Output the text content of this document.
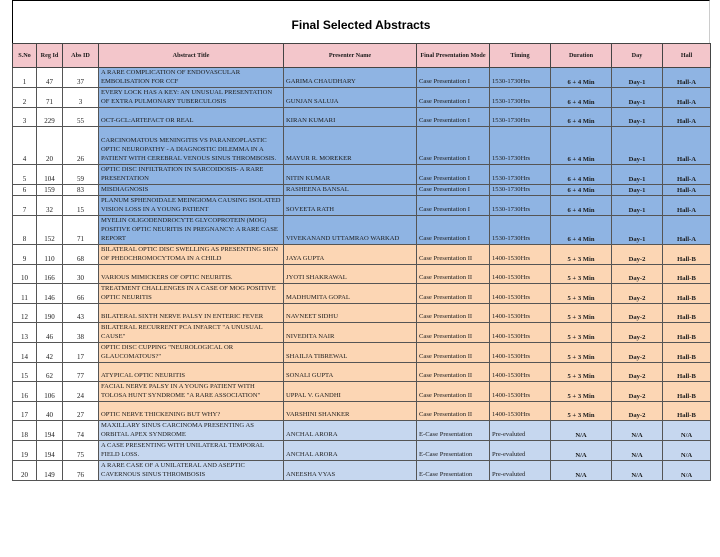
Final Selected Abstracts
S.No	Reg Id	Abs ID	Abstract Title	Presenter Name	Final Presentation Mode	Timing	Duration	Day	Hall
1	47	37	A RARE COMPLICATION OF ENDOVASCULAR EMBOLISATION FOR CCF	GARIMA CHAUDHARY	Case Presentation I	1530-1730Hrs	6 + 4 Min	Day-1	Hall-A
2	71	3	EVERY LOCK HAS A KEY: AN UNUSUAL PRESENTATION OF EXTRA PULMONARY TUBERCULOSIS	GUNJAN SALUJA	Case Presentation I	1530-1730Hrs	6 + 4 Min	Day-1	Hall-A
3	229	55	OCT-GCL:ARTEFACT OR REAL	KIRAN KUMARI	Case Presentation I	1530-1730Hrs	6 + 4 Min	Day-1	Hall-A
4	20	26	CARCINOMATOUS MENINGITIS VS PARANEOPLASTIC OPTIC NEUROPATHY - A DIAGNOSTIC DILEMMA IN A PATIENT WITH CEREBRAL VENOUS SINUS THROMBOSIS.	MAYUR R. MOREKER	Case Presentation I	1530-1730Hrs	6 + 4 Min	Day-1	Hall-A
5	104	59	OPTIC DISC INFILTRATION IN SARCOIDOSIS- A RARE PRESENTATION	NITIN KUMAR	Case Presentation I	1530-1730Hrs	6 + 4 Min	Day-1	Hall-A
6	159	83	MISDIAGNOSIS	RASHEENA BANSAL	Case Presentation I	1530-1730Hrs	6 + 4 Min	Day-1	Hall-A
7	32	15	PLANUM SPHENOIDALE MEINGIOMA CAUSING ISOLATED VISION LOSS IN A YOUNG PATIENT	SOVEETA RATH	Case Presentation I	1530-1730Hrs	6 + 4 Min	Day-1	Hall-A
8	152	71	MYELIN OLIGODENDROCYTE GLYCOPROTEIN (MOG) POSITIVE OPTIC NEURITIS IN PREGNANCY: A RARE CASE REPORT	VIVEKANAND UTTAMRAO WARKAD	Case Presentation I	1530-1730Hrs	6 + 4 Min	Day-1	Hall-A
9	110	68	BILATERAL OPTIC DISC SWELLING AS PRESENTING SIGN OF PHEOCHROMOCYTOMA IN A CHILD	JAYA GUPTA	Case Presentation II	1400-1530Hrs	5 + 3 Min	Day-2	Hall-B
10	166	30	VARIOUS MIMICKERS OF OPTIC NEURITIS.	JYOTI SHAKRAWAL	Case Presentation II	1400-1530Hrs	5 + 3 Min	Day-2	Hall-B
11	146	66	TREATMENT CHALLENGES IN A CASE OF MOG POSITIVE OPTIC NEURITIS	MADHUMITA GOPAL	Case Presentation II	1400-1530Hrs	5 + 3 Min	Day-2	Hall-B
12	190	43	BILATERAL SIXTH NERVE PALSY IN ENTERIC FEVER	NAVNEET SIDHU	Case Presentation II	1400-1530Hrs	5 + 3 Min	Day-2	Hall-B
13	46	38	BILATERAL RECURRENT PCA INFARCT "A UNUSUAL CAUSE"	NIVEDITA NAIR	Case Presentation II	1400-1530Hrs	5 + 3 Min	Day-2	Hall-B
14	42	17	OPTIC DISC CUPPING "NEUROLOGICAL OR GLAUCOMATOUS?"	SHAILJA TIBREWAL	Case Presentation II	1400-1530Hrs	5 + 3 Min	Day-2	Hall-B
15	62	77	ATYPICAL OPTIC NEURITIS	SONALI GUPTA	Case Presentation II	1400-1530Hrs	5 + 3 Min	Day-2	Hall-B
16	106	24	FACIAL NERVE PALSY IN A YOUNG PATIENT WITH TOLOSA HUNT SYNDROME "A RARE ASSOCIATION"	UPPAL V. GANDHI	Case Presentation II	1400-1530Hrs	5 + 3 Min	Day-2	Hall-B
17	40	27	OPTIC NERVE THICKENING BUT WHY?	VARSHINI SHANKER	Case Presentation II	1400-1530Hrs	5 + 3 Min	Day-2	Hall-B
18	194	74	MAXILLARY SINUS CARCINOMA PRESENTING AS ORBITAL APEX SYNDROME	ANCHAL ARORA	E-Case Presentation	Pre-evaluted	N/A	N/A	N/A
19	194	75	A CASE PRESENTING WITH UNILATERAL TEMPORAL FIELD LOSS.	ANCHAL ARORA	E-Case Presentation	Pre-evaluted	N/A	N/A	N/A
20	149	76	A RARE CASE OF A UNILATERAL AND ASEPTIC CAVERNOUS SINUS THROMBOSIS	ANEESHA VYAS	E-Case Presentation	Pre-evaluted	N/A	N/A	N/A
